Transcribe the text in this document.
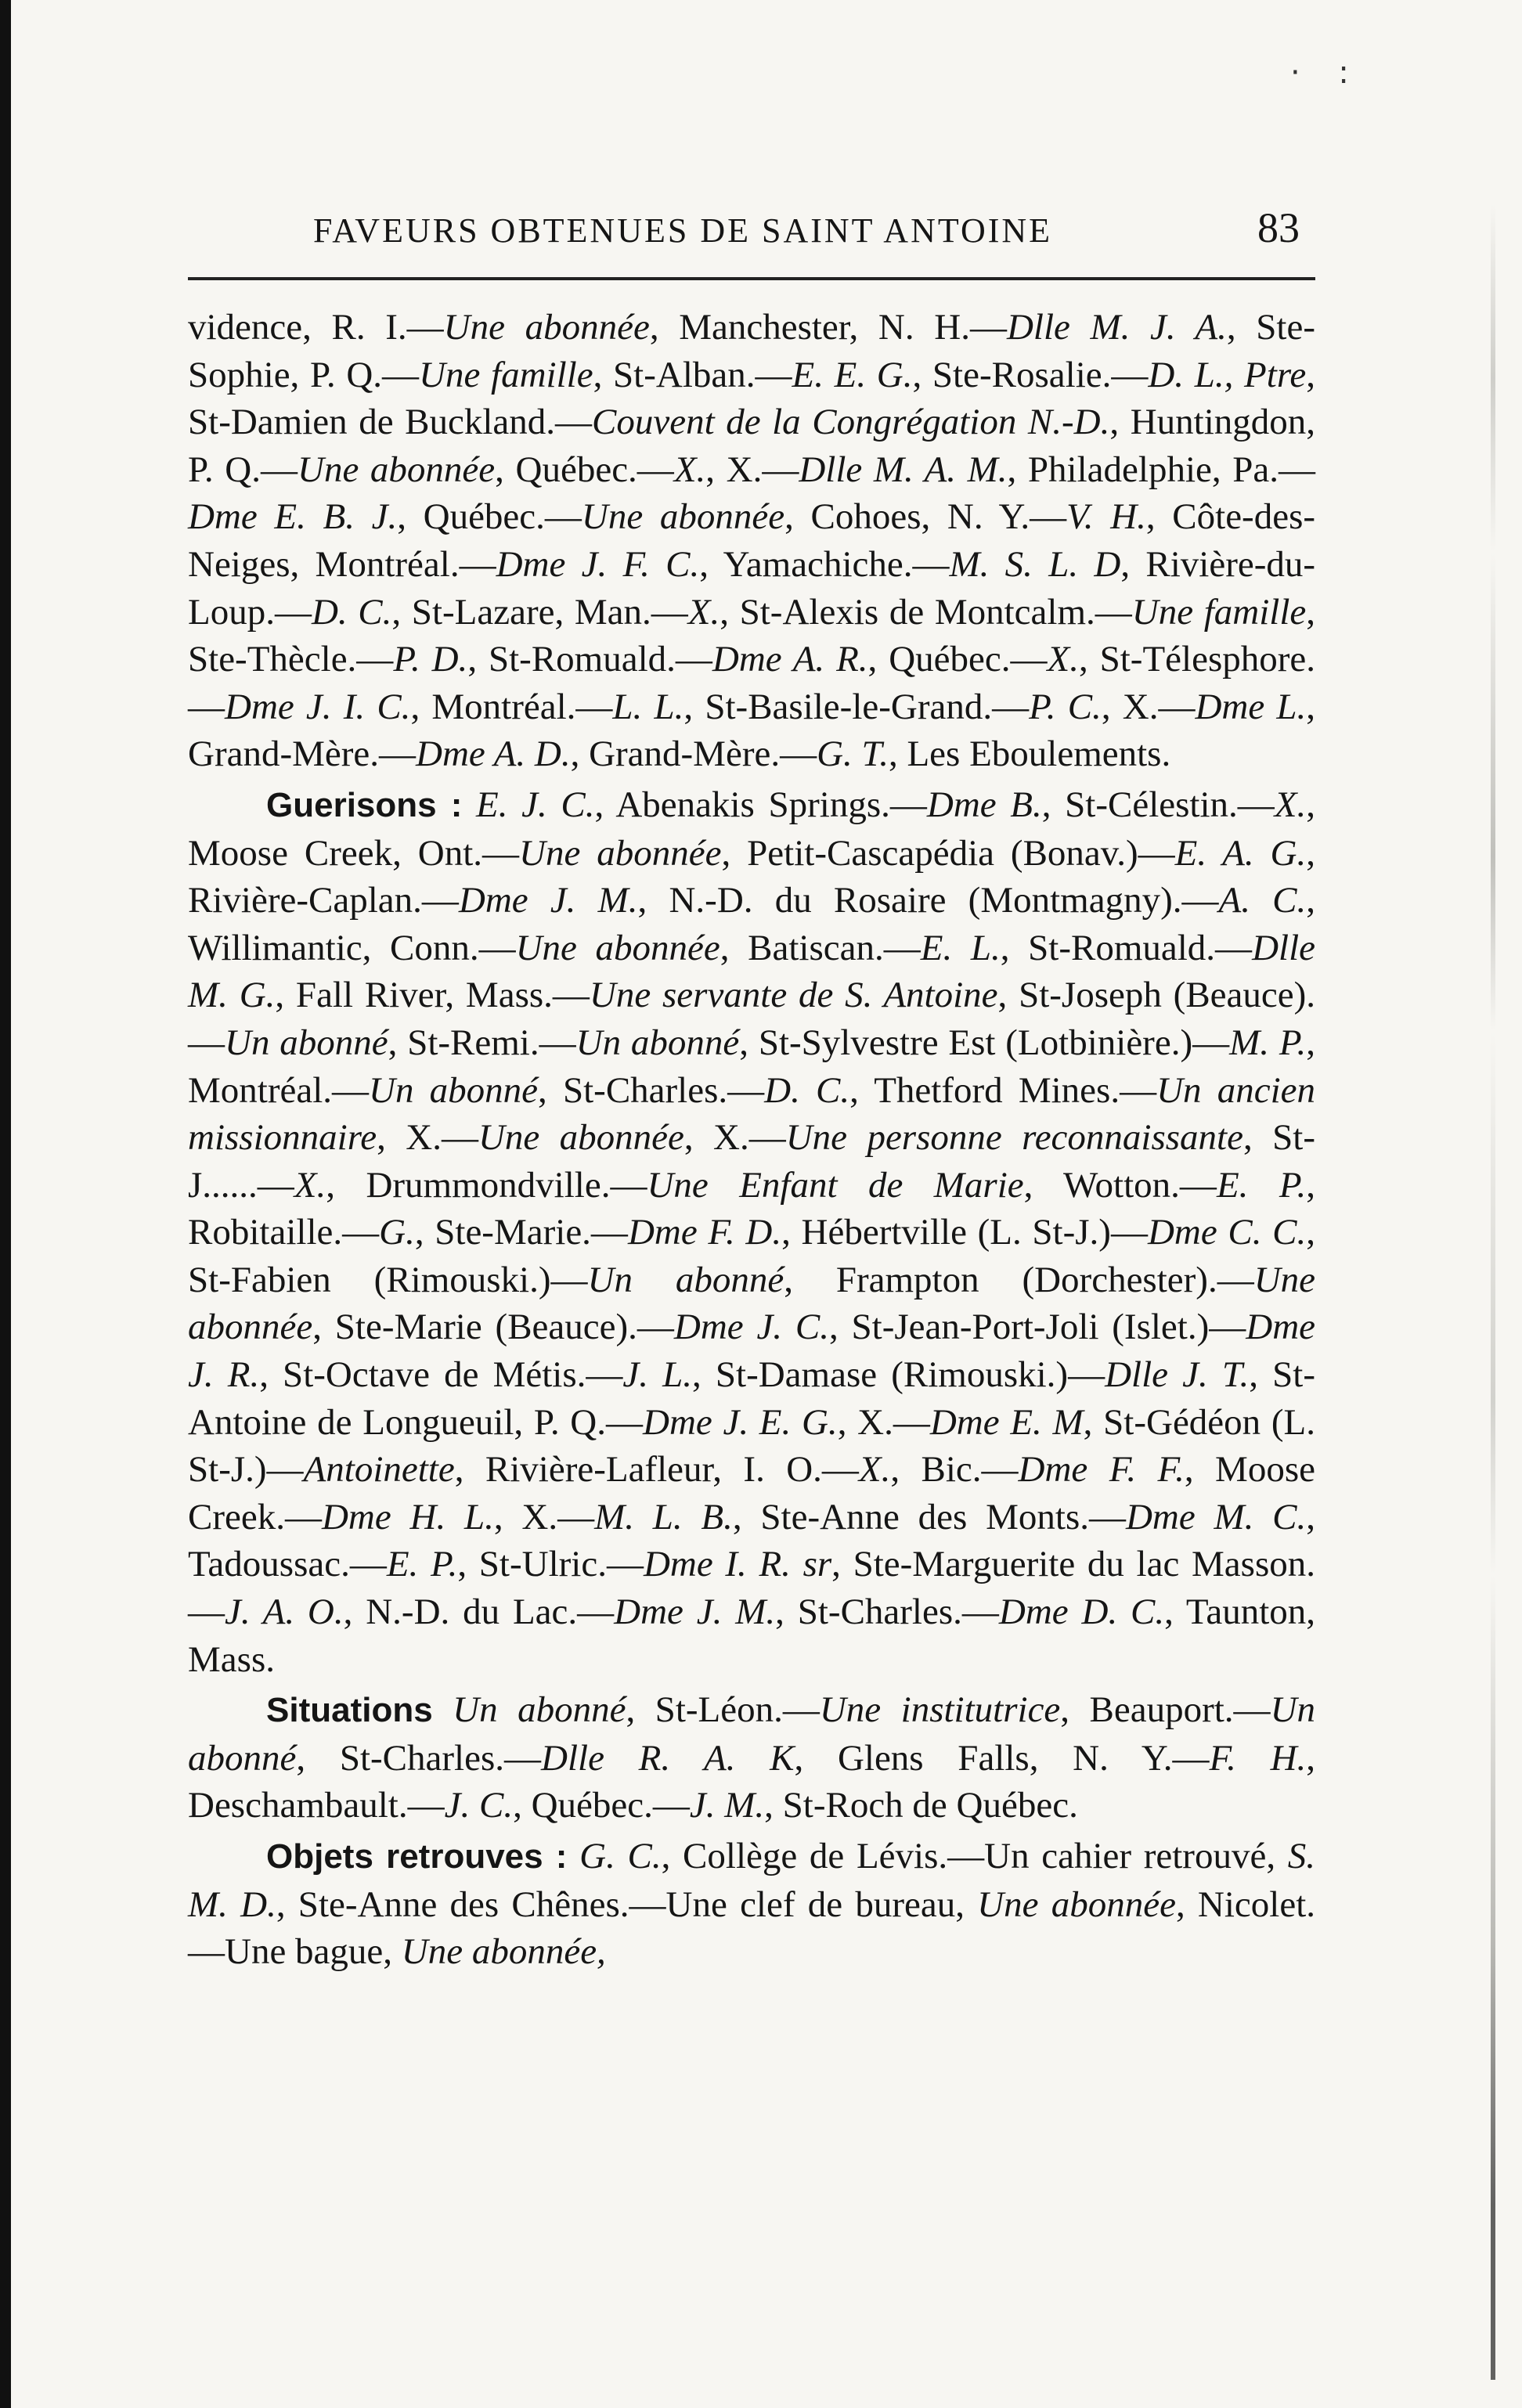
· :
FAVEURS OBTENUES DE SAINT ANTOINE	83

vidence, R. I.—Une abonnée, Manchester, N. H.—Dlle M. J. A., Ste-Sophie, P. Q.—Une famille, St-Alban.—E. E. G., Ste-Rosalie.—D. L., Ptre, St-Damien de Buckland.—Couvent de la Congrégation N.-D., Huntingdon, P. Q.—Une abonnée, Québec.—X., X.—Dlle M. A. M., Philadelphie, Pa.—Dme E. B. J., Québec.—Une abonnée, Cohoes, N. Y.—V. H., Côte-des-Neiges, Montréal.—Dme J. F. C., Yamachiche.—M. S. L. D, Rivière-du-Loup.—D. C., St-Lazare, Man.—X., St-Alexis de Montcalm.—Une famille, Ste-Thècle.—P. D., St-Romuald.—Dme A. R., Québec.—X., St-Télesphore.—Dme J. I. C., Montréal.—L. L., St-Basile-le-Grand.—P. C., X.—Dme L., Grand-Mère.—Dme A. D., Grand-Mère.—G. T., Les Eboulements.

Guerisons : E. J. C., Abenakis Springs.—Dme B., St-Célestin.—X., Moose Creek, Ont.—Une abonnée, Petit-Cascapédia (Bonav.)—E. A. G., Rivière-Caplan.—Dme J. M., N.-D. du Rosaire (Montmagny).—A. C., Willimantic, Conn.—Une abonnée, Batiscan.—E. L., St-Romuald.—Dlle M. G., Fall River, Mass.—Une servante de S. Antoine, St-Joseph (Beauce).—Un abonné, St-Remi.—Un abonné, St-Sylvestre Est (Lotbinière.)—M. P., Montréal.—Un abonné, St-Charles.—D. C., Thetford Mines.—Un ancien missionnaire, X.—Une abonnée, X.—Une personne reconnaissante, St-J......—X., Drummondville.—Une Enfant de Marie, Wotton.—E. P., Robitaille.—G., Ste-Marie.—Dme F. D., Hébertville (L. St-J.)—Dme C. C., St-Fabien (Rimouski.)—Un abonné, Frampton (Dorchester).—Une abonnée, Ste-Marie (Beauce).—Dme J. C., St-Jean-Port-Joli (Islet.)—Dme J. R., St-Octave de Métis.—J. L., St-Damase (Rimouski.)—Dlle J. T., St-Antoine de Longueuil, P. Q.—Dme J. E. G., X.—Dme E. M, St-Gédéon (L. St-J.)—Antoinette, Rivière-Lafleur, I. O.—X., Bic.—Dme F. F., Moose Creek.—Dme H. L., X.—M. L. B., Ste-Anne des Monts.—Dme M. C., Tadoussac.—E. P., St-Ulric.—Dme I. R. sr, Ste-Marguerite du lac Masson.—J. A. O., N.-D. du Lac.—Dme J. M., St-Charles.—Dme D. C., Taunton, Mass.

Situations Un abonné, St-Léon.—Une institutrice, Beauport.—Un abonné, St-Charles.—Dlle R. A. K, Glens Falls, N. Y.—F. H., Deschambault.—J. C., Québec.—J. M., St-Roch de Québec.

Objets retrouves : G. C., Collège de Lévis.—Un cahier retrouvé, S. M. D., Ste-Anne des Chênes.—Une clef de bureau, Une abonnée, Nicolet.—Une bague, Une abonnée,
